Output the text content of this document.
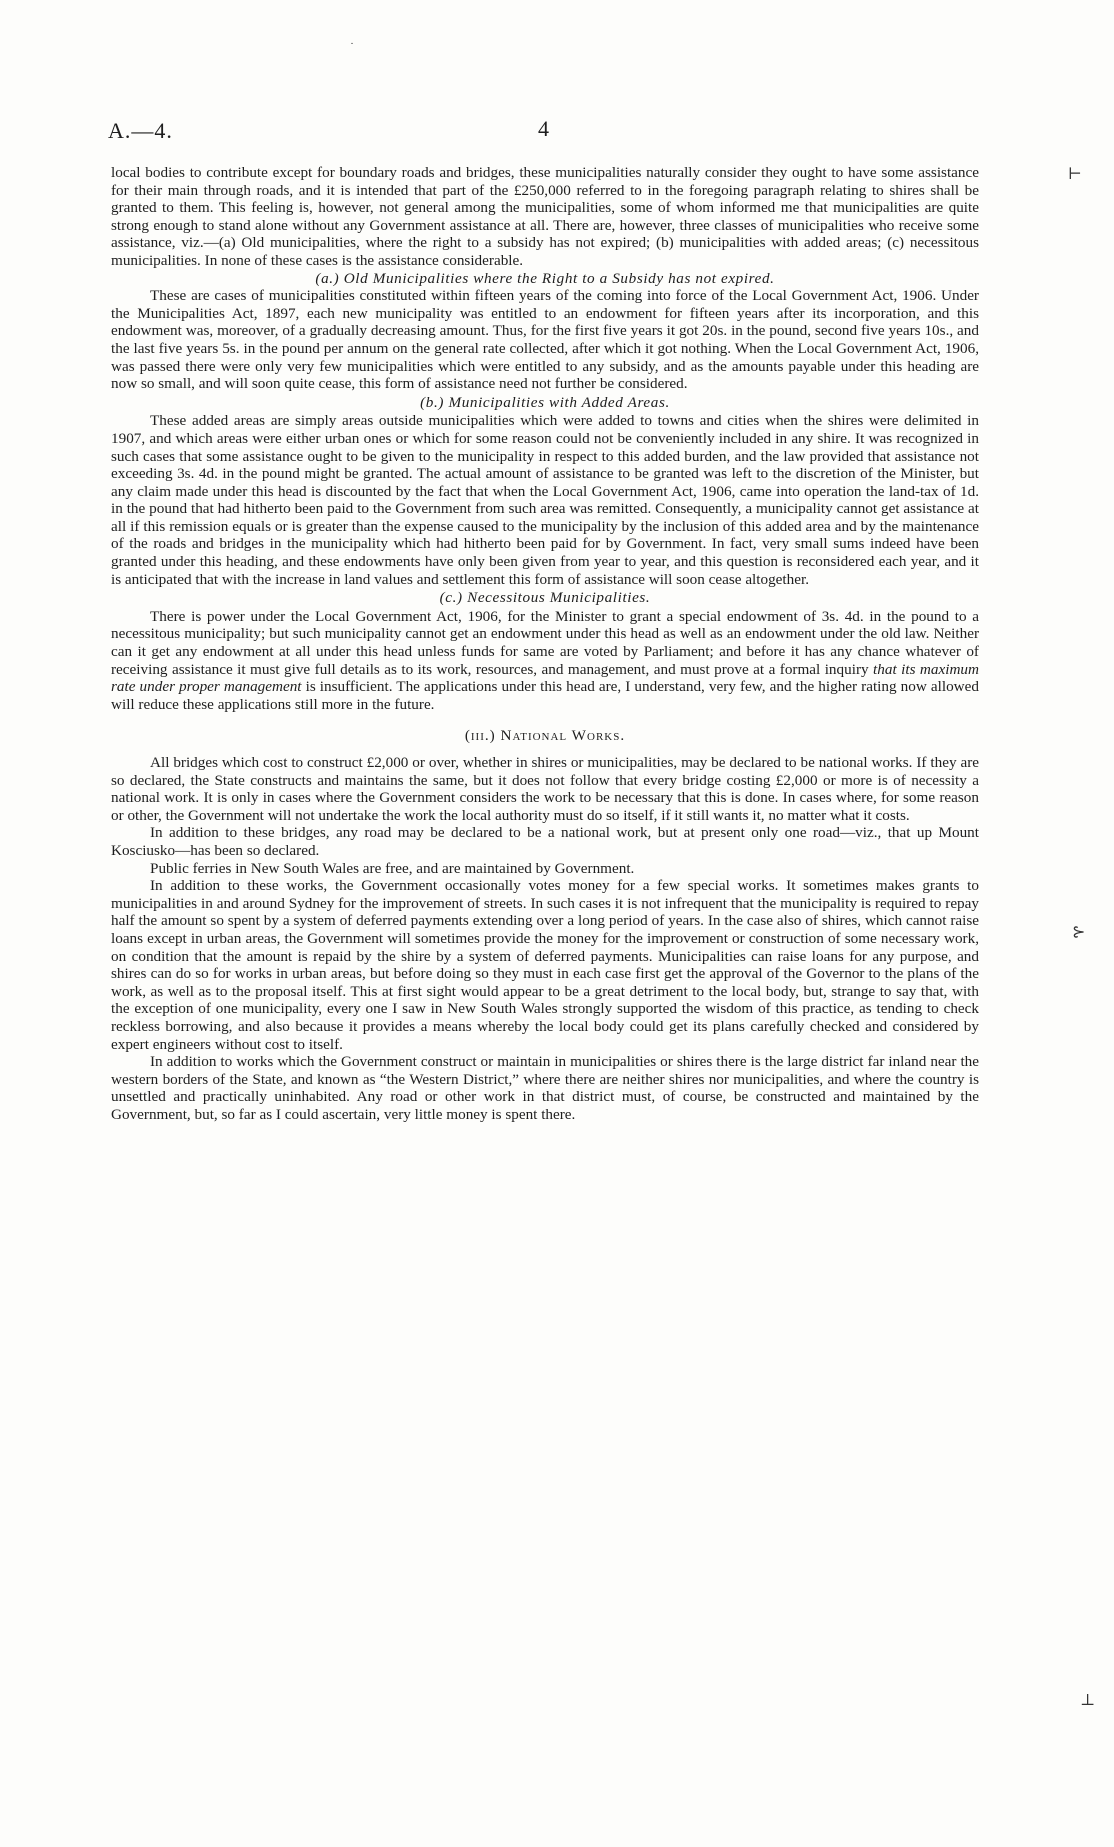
A.—4.	4
⊢
⊱
⊥

local bodies to contribute except for boundary roads and bridges, these municipalities naturally consider they ought to have some assistance for their main through roads, and it is intended that part of the £250,000 referred to in the foregoing paragraph relating to shires shall be granted to them. This feeling is, however, not general among the municipalities, some of whom informed me that municipalities are quite strong enough to stand alone without any Government assistance at all. There are, however, three classes of municipalities who receive some assistance, viz.—(a) Old municipalities, where the right to a subsidy has not expired; (b) municipalities with added areas; (c) necessitous municipalities. In none of these cases is the assistance considerable.

(a.) Old Municipalities where the Right to a Subsidy has not expired.

These are cases of municipalities constituted within fifteen years of the coming into force of the Local Government Act, 1906. Under the Municipalities Act, 1897, each new municipality was entitled to an endowment for fifteen years after its incorporation, and this endowment was, moreover, of a gradually decreasing amount. Thus, for the first five years it got 20s. in the pound, second five years 10s., and the last five years 5s. in the pound per annum on the general rate collected, after which it got nothing. When the Local Government Act, 1906, was passed there were only very few municipalities which were entitled to any subsidy, and as the amounts payable under this heading are now so small, and will soon quite cease, this form of assistance need not further be considered.

(b.) Municipalities with Added Areas.

These added areas are simply areas outside municipalities which were added to towns and cities when the shires were delimited in 1907, and which areas were either urban ones or which for some reason could not be conveniently included in any shire. It was recognized in such cases that some assistance ought to be given to the municipality in respect to this added burden, and the law provided that assistance not exceeding 3s. 4d. in the pound might be granted. The actual amount of assistance to be granted was left to the discretion of the Minister, but any claim made under this head is discounted by the fact that when the Local Government Act, 1906, came into operation the land-tax of 1d. in the pound that had hitherto been paid to the Government from such area was remitted. Consequently, a municipality cannot get assistance at all if this remission equals or is greater than the expense caused to the municipality by the inclusion of this added area and by the maintenance of the roads and bridges in the municipality which had hitherto been paid for by Government. In fact, very small sums indeed have been granted under this heading, and these endowments have only been given from year to year, and this question is reconsidered each year, and it is anticipated that with the increase in land values and settlement this form of assistance will soon cease altogether.

(c.) Necessitous Municipalities.

There is power under the Local Government Act, 1906, for the Minister to grant a special endowment of 3s. 4d. in the pound to a necessitous municipality; but such municipality cannot get an endowment under this head as well as an endowment under the old law. Neither can it get any endowment at all under this head unless funds for same are voted by Parliament; and before it has any chance whatever of receiving assistance it must give full details as to its work, resources, and management, and must prove at a formal inquiry that its maximum rate under proper management is insufficient. The applications under this head are, I understand, very few, and the higher rating now allowed will reduce these applications still more in the future.

(iii.) National Works.

All bridges which cost to construct £2,000 or over, whether in shires or municipalities, may be declared to be national works. If they are so declared, the State constructs and maintains the same, but it does not follow that every bridge costing £2,000 or more is of necessity a national work. It is only in cases where the Government considers the work to be necessary that this is done. In cases where, for some reason or other, the Government will not undertake the work the local authority must do so itself, if it still wants it, no matter what it costs.

In addition to these bridges, any road may be declared to be a national work, but at present only one road—viz., that up Mount Kosciusko—has been so declared.

Public ferries in New South Wales are free, and are maintained by Government.

In addition to these works, the Government occasionally votes money for a few special works. It sometimes makes grants to municipalities in and around Sydney for the improvement of streets. In such cases it is not infrequent that the municipality is required to repay half the amount so spent by a system of deferred payments extending over a long period of years. In the case also of shires, which cannot raise loans except in urban areas, the Government will sometimes provide the money for the improvement or construction of some necessary work, on condition that the amount is repaid by the shire by a system of deferred payments. Municipalities can raise loans for any purpose, and shires can do so for works in urban areas, but before doing so they must in each case first get the approval of the Governor to the plans of the work, as well as to the proposal itself. This at first sight would appear to be a great detriment to the local body, but, strange to say that, with the exception of one municipality, every one I saw in New South Wales strongly supported the wisdom of this practice, as tending to check reckless borrowing, and also because it provides a means whereby the local body could get its plans carefully checked and considered by expert engineers without cost to itself.

In addition to works which the Government construct or maintain in municipalities or shires there is the large district far inland near the western borders of the State, and known as “the Western District,” where there are neither shires nor municipalities, and where the country is unsettled and practically uninhabited. Any road or other work in that district must, of course, be constructed and maintained by the Government, but, so far as I could ascertain, very little money is spent there.
